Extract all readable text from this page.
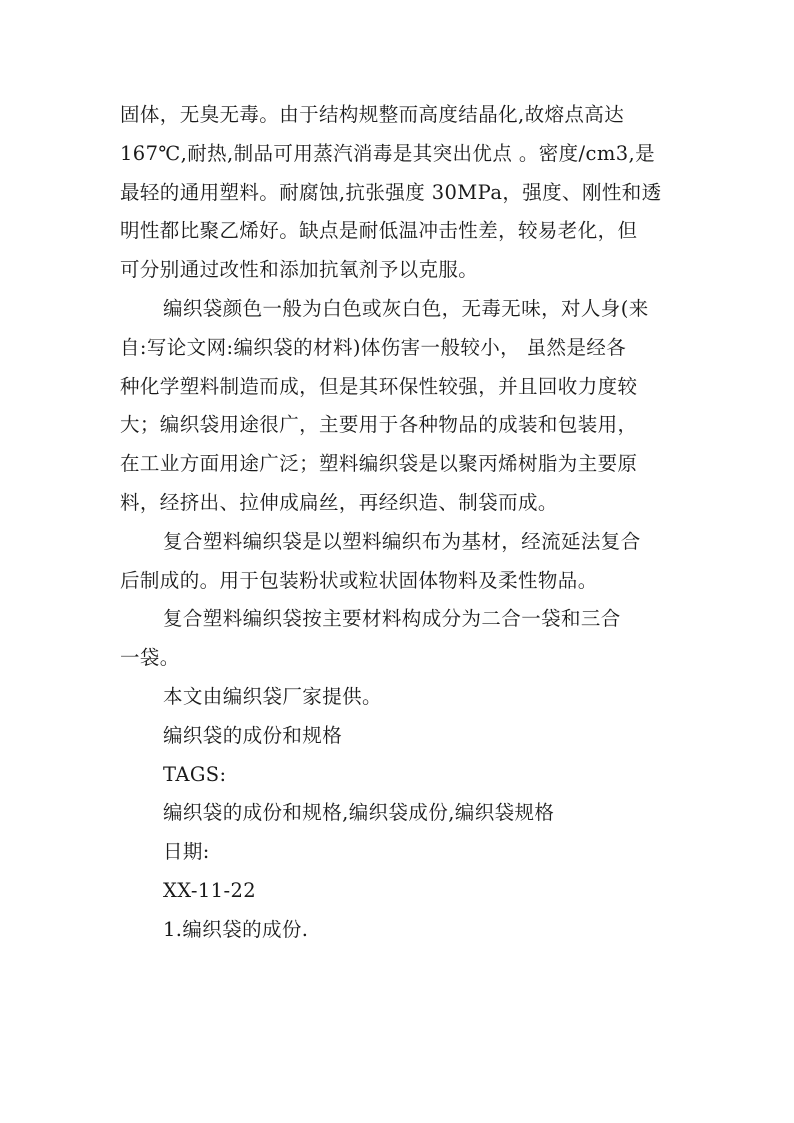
固体，无臭无毒。由于结构规整而高度结晶化,故熔点高达
167℃,耐热,制品可用蒸汽消毒是其突出优点 。密度/cm3,是
最轻的通用塑料。耐腐蚀,抗张强度 30MPa，强度、刚性和透
明性都比聚乙烯好。缺点是耐低温冲击性差，较易老化，但
可分别通过改性和添加抗氧剂予以克服。
编织袋颜色一般为白色或灰白色，无毒无味，对人身(来
自:写论文网:编织袋的材料)体伤害一般较小， 虽然是经各
种化学塑料制造而成，但是其环保性较强，并且回收力度较
大；编织袋用途很广，主要用于各种物品的成装和包装用，
在工业方面用途广泛；塑料编织袋是以聚丙烯树脂为主要原
料，经挤出、拉伸成扁丝，再经织造、制袋而成。
复合塑料编织袋是以塑料编织布为基材，经流延法复合
后制成的。用于包装粉状或粒状固体物料及柔性物品。
复合塑料编织袋按主要材料构成分为二合一袋和三合
一袋。
本文由编织袋厂家提供。
编织袋的成份和规格
TAGS:
编织袋的成份和规格,编织袋成份,编织袋规格
日期:
XX-11-22
1.编织袋的成份.
